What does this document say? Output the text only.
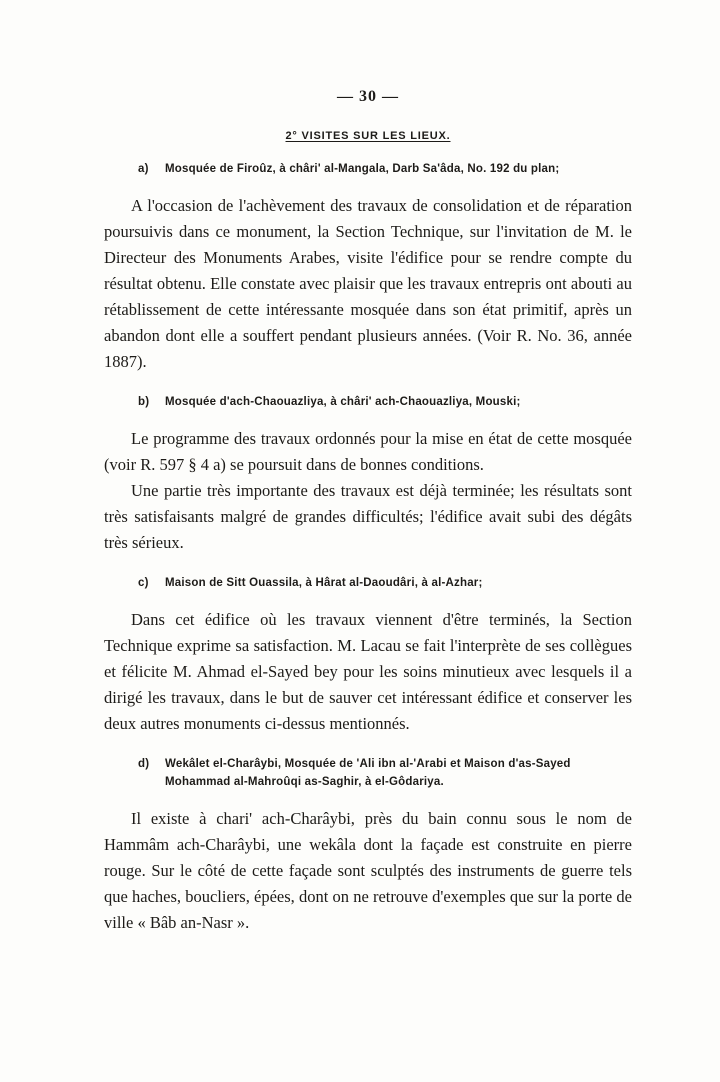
— 30 —
2° VISITES SUR LES LIEUX.
a) Mosquée de Firoûz, à châri' al-Mangala, Darb Sa'âda, No. 192 du plan;

A l'occasion de l'achèvement des travaux de consolidation et de réparation poursuivis dans ce monument, la Section Technique, sur l'invitation de M. le Directeur des Monuments Arabes, visite l'édifice pour se rendre compte du résultat obtenu. Elle constate avec plaisir que les travaux entrepris ont abouti au rétablissement de cette intéressante mosquée dans son état primitif, après un abandon dont elle a souffert pendant plusieurs années. (Voir R. No. 36, année 1887).

b) Mosquée d'ach-Chaouazliya, à châri' ach-Chaouazliya, Mouski;

Le programme des travaux ordonnés pour la mise en état de cette mosquée (voir R. 597 § 4 a) se poursuit dans de bonnes conditions.

Une partie très importante des travaux est déjà terminée; les résultats sont très satisfaisants malgré de grandes difficultés; l'édifice avait subi des dégâts très sérieux.

c) Maison de Sitt Ouassila, à Hârat al-Daoudâri, à al-Azhar;

Dans cet édifice où les travaux viennent d'être terminés, la Section Technique exprime sa satisfaction. M. Lacau se fait l'interprète de ses collègues et félicite M. Ahmad el-Sayed bey pour les soins minutieux avec lesquels il a dirigé les travaux, dans le but de sauver cet intéressant édifice et conserver les deux autres monuments ci-dessus mentionnés.

d) Wekâlet el-Charâybi, Mosquée de 'Ali ibn al-'Arabi et Maison d'as-Sayed Mohammad al-Mahroûqi as-Saghir, à el-Gôdariya.

Il existe à chari' ach-Charâybi, près du bain connu sous le nom de Hammâm ach-Charâybi, une wekâla dont la façade est construite en pierre rouge. Sur le côté de cette façade sont sculptés des instruments de guerre tels que haches, boucliers, épées, dont on ne retrouve d'exemples que sur la porte de ville « Bâb an-Nasr ».
